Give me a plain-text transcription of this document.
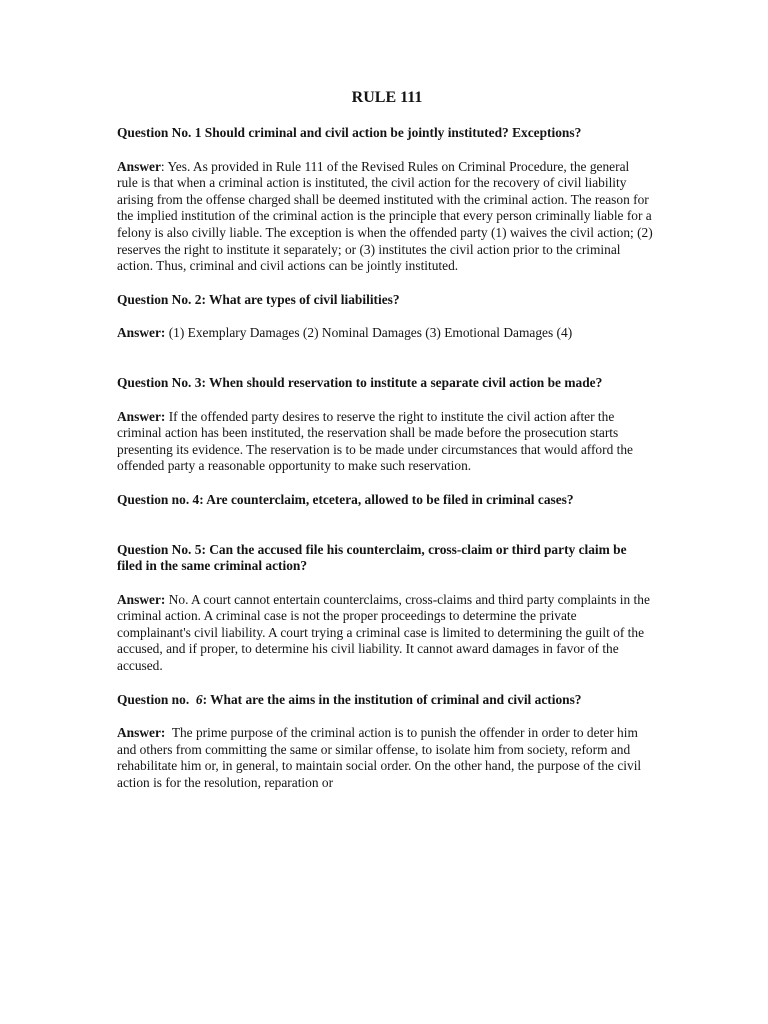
RULE 111
Question No. 1 Should criminal and civil action be jointly instituted? Exceptions?
Answer: Yes. As provided in Rule 111 of the Revised Rules on Criminal Procedure, the general rule is that when a criminal action is instituted, the civil action for the recovery of civil liability arising from the offense charged shall be deemed instituted with the criminal action. The reason for the implied institution of the criminal action is the principle that every person criminally liable for a felony is also civilly liable. The exception is when the offended party (1) waives the civil action; (2) reserves the right to institute it separately; or (3) institutes the civil action prior to the criminal action. Thus, criminal and civil actions can be jointly instituted.
Question No. 2: What are types of civil liabilities?
Answer: (1) Exemplary Damages (2) Nominal Damages (3) Emotional Damages (4)
Question No. 3: When should reservation to institute a separate civil action be made?
Answer: If the offended party desires to reserve the right to institute the civil action after the criminal action has been instituted, the reservation shall be made before the prosecution starts presenting its evidence. The reservation is to be made under circumstances that would afford the offended party a reasonable opportunity to make such reservation.
Question no. 4: Are counterclaim, etcetera, allowed to be filed in criminal cases?
Question No. 5: Can the accused file his counterclaim, cross-claim or third party claim be filed in the same criminal action?
Answer: No. A court cannot entertain counterclaims, cross-claims and third party complaints in the criminal action. A criminal case is not the proper proceedings to determine the private complainant's civil liability. A court trying a criminal case is limited to determining the guilt of the accused, and if proper, to determine his civil liability. It cannot award damages in favor of the accused.
Question no.  6: What are the aims in the institution of criminal and civil actions?
Answer:  The prime purpose of the criminal action is to punish the offender in order to deter him and others from committing the same or similar offense, to isolate him from society, reform and rehabilitate him or, in general, to maintain social order. On the other hand, the purpose of the civil action is for the resolution, reparation or
